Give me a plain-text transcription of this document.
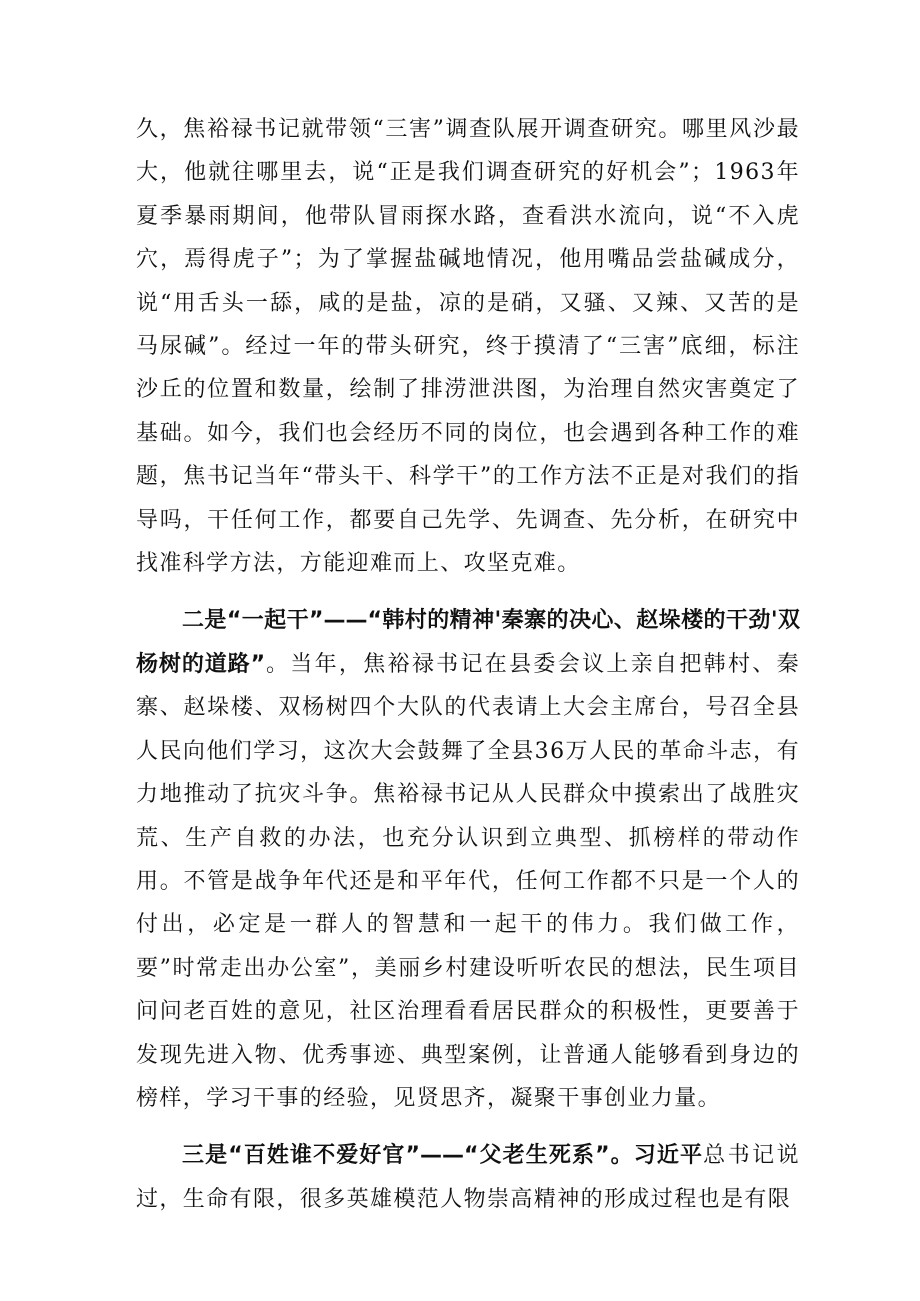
久，焦裕禄书记就带领“三害”调查队展开调查研究。哪里风沙最大，他就往哪里去，说“正是我们调查研究的好机会”；1963年夏季暴雨期间，他带队冒雨探水路，查看洪水流向，说“不入虎穴，焉得虎子”；为了掌握盐碱地情况，他用嘴品尝盐碱成分，说“用舌头一舔，咸的是盐，凉的是硝，又骚、又辣、又苦的是马尿碱”。经过一年的带头研究，终于摸清了“三害”底细，标注沙丘的位置和数量，绘制了排涝泄洪图，为治理自然灾害奠定了基础。如今，我们也会经历不同的岗位，也会遇到各种工作的难题，焦书记当年“带头干、科学干”的工作方法不正是对我们的指导吗，干任何工作，都要自己先学、先调查、先分析，在研究中找准科学方法，方能迎难而上、攻坚克难。

二是“一起干”——“韩村的精神'秦寨的决心、赵垛楼的干劲'双杨树的道路”。当年，焦裕禄书记在县委会议上亲自把韩村、秦寨、赵垛楼、双杨树四个大队的代表请上大会主席台，号召全县人民向他们学习，这次大会鼓舞了全县36万人民的革命斗志，有力地推动了抗灾斗争。焦裕禄书记从人民群众中摸索出了战胜灾荒、生产自救的办法，也充分认识到立典型、抓榜样的带动作用。不管是战争年代还是和平年代，任何工作都不只是一个人的付出，必定是一群人的智慧和一起干的伟力。我们做工作，要”时常走出办公室”，美丽乡村建设听听农民的想法，民生项目问问老百姓的意见，社区治理看看居民群众的积极性，更要善于发现先进入物、优秀事迹、典型案例，让普通人能够看到身边的榜样，学习干事的经验，见贤思齐，凝聚干事创业力量。

三是“百姓谁不爱好官”——“父老生死系”。习近平总书记说过，生命有限，很多英雄模范人物崇高精神的形成过程也是有限
